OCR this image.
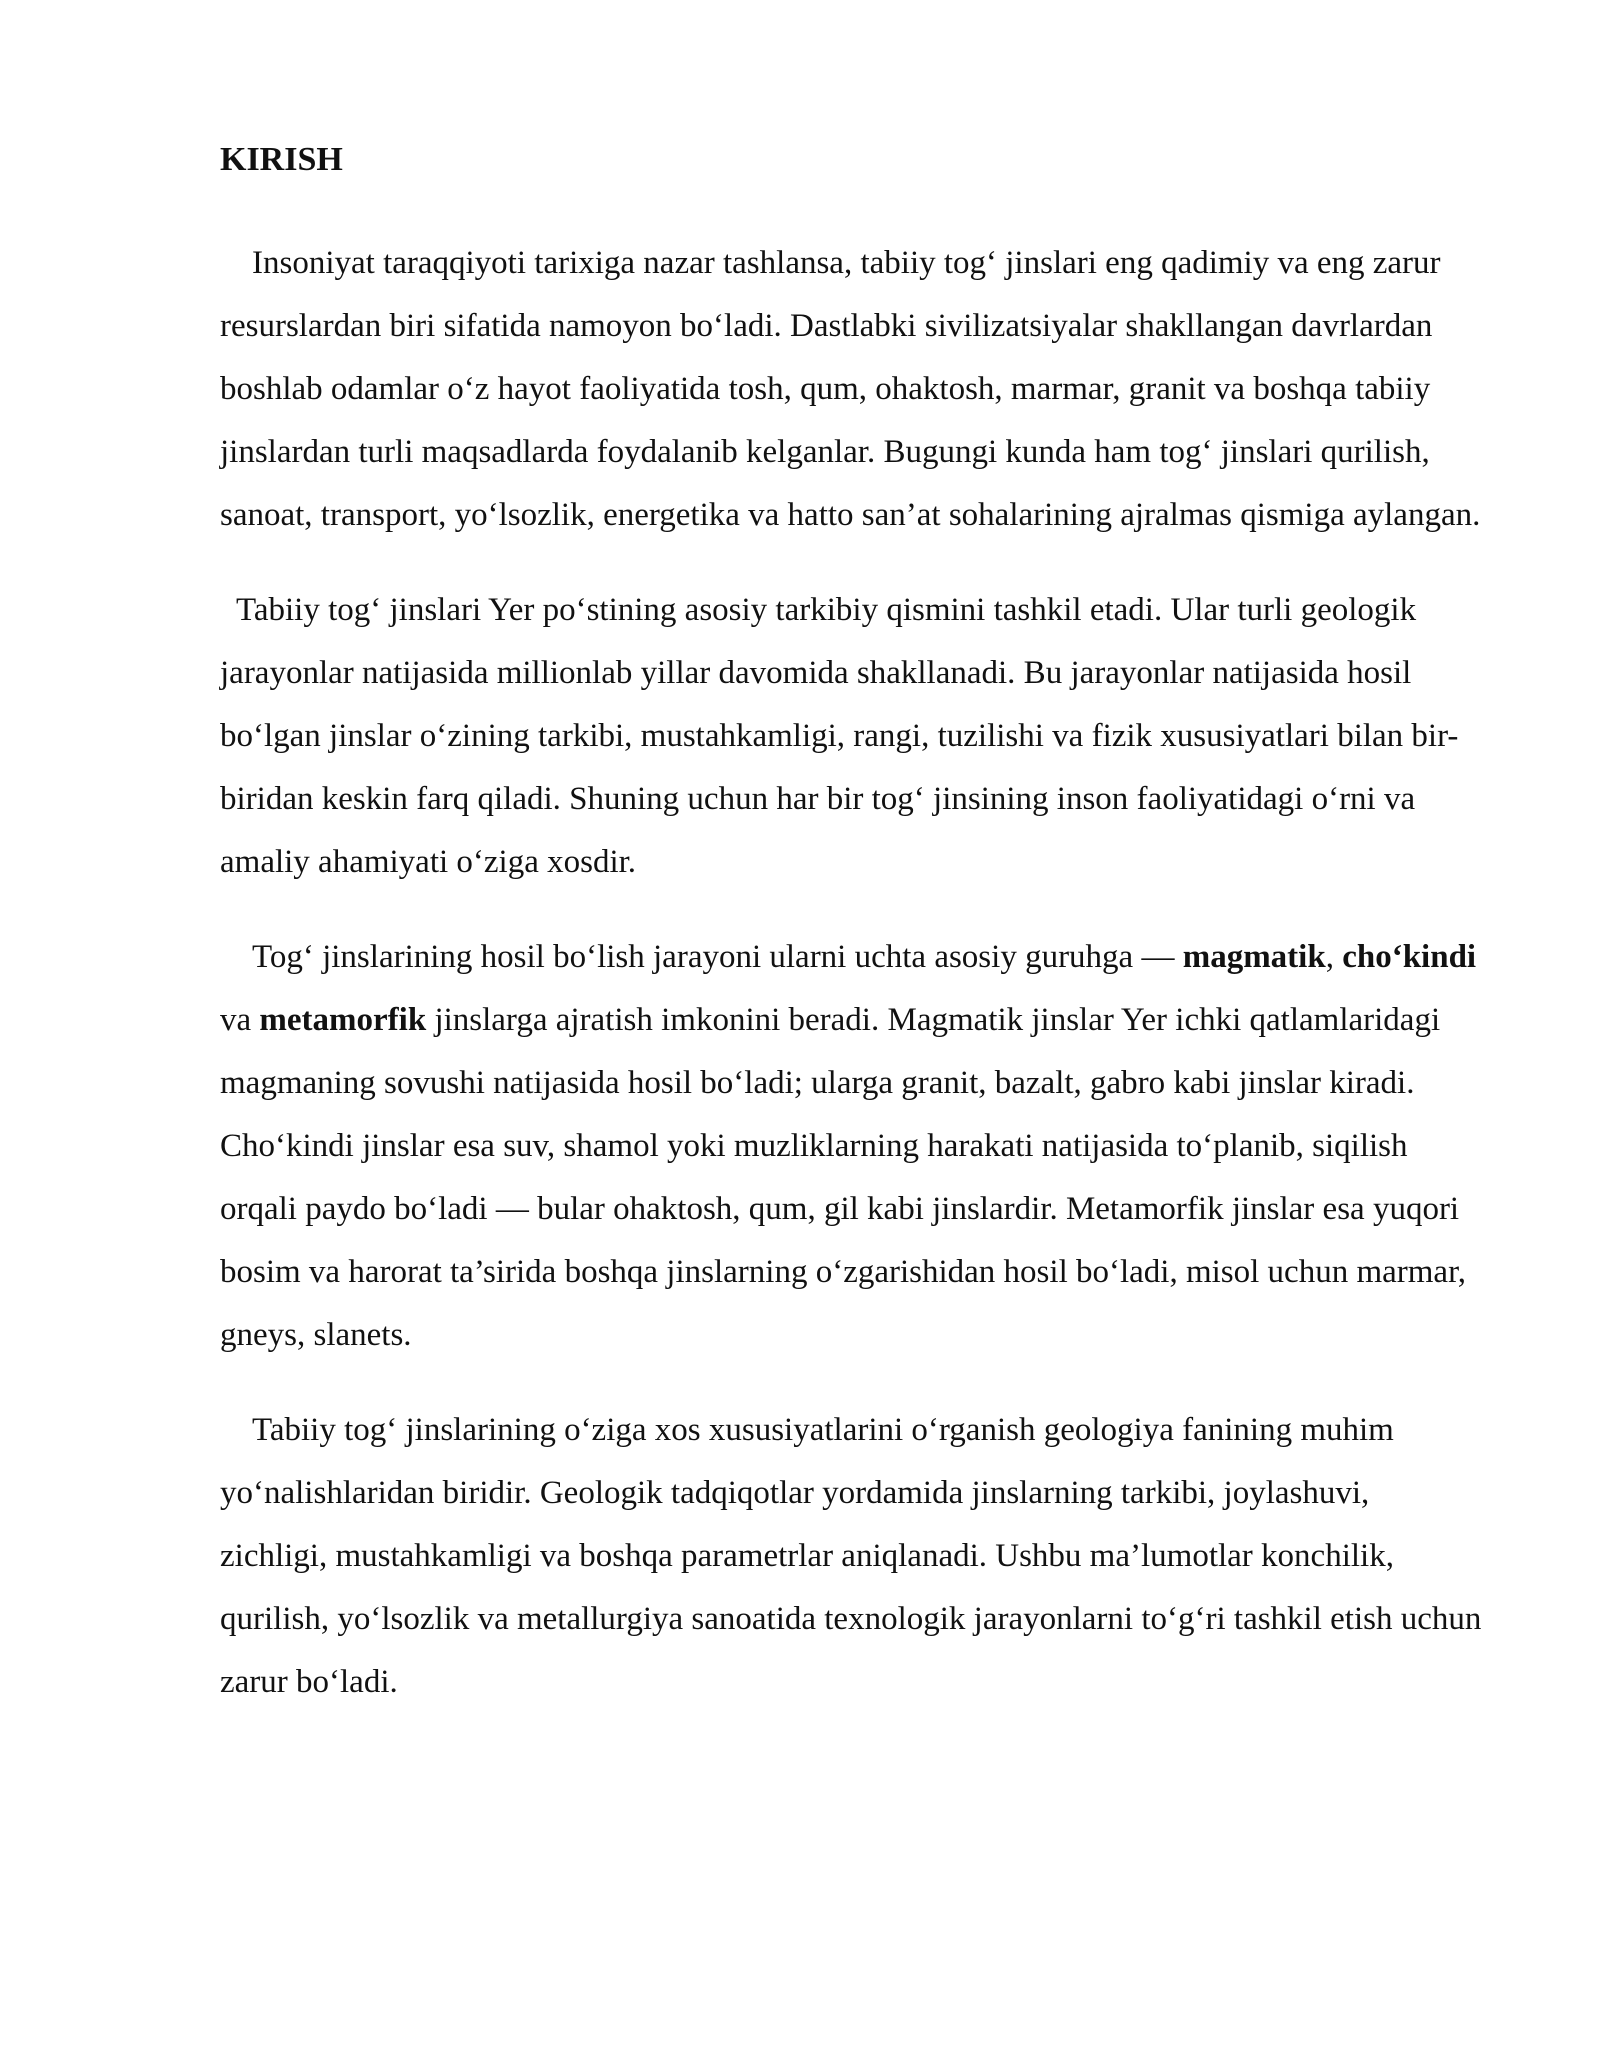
KIRISH

Insoniyat taraqqiyoti tarixiga nazar tashlansa, tabiiy tog‘ jinslari eng qadimiy va eng zarur resurslardan biri sifatida namoyon bo‘ladi. Dastlabki sivilizatsiyalar shakllangan davrlardan boshlab odamlar o‘z hayot faoliyatida tosh, qum, ohaktosh, marmar, granit va boshqa tabiiy jinslardan turli maqsadlarda foydalanib kelganlar. Bugungi kunda ham tog‘ jinslari qurilish, sanoat, transport, yo‘lsozlik, energetika va hatto san’at sohalarining ajralmas qismiga aylangan.

Tabiiy tog‘ jinslari Yer po‘stining asosiy tarkibiy qismini tashkil etadi. Ular turli geologik jarayonlar natijasida millionlab yillar davomida shakllanadi. Bu jarayonlar natijasida hosil bo‘lgan jinslar o‘zining tarkibi, mustahkamligi, rangi, tuzilishi va fizik xususiyatlari bilan bir-biridan keskin farq qiladi. Shuning uchun har bir tog‘ jinsining inson faoliyatidagi o‘rni va amaliy ahamiyati o‘ziga xosdir.

Tog‘ jinslarining hosil bo‘lish jarayoni ularni uchta asosiy guruhga — magmatik, cho‘kindi va metamorfik jinslarga ajratish imkonini beradi. Magmatik jinslar Yer ichki qatlamlaridagi magmaning sovushi natijasida hosil bo‘ladi; ularga granit, bazalt, gabro kabi jinslar kiradi. Cho‘kindi jinslar esa suv, shamol yoki muzliklarning harakati natijasida to‘planib, siqilish orqali paydo bo‘ladi — bular ohaktosh, qum, gil kabi jinslardir. Metamorfik jinslar esa yuqori bosim va harorat ta’sirida boshqa jinslarning o‘zgarishidan hosil bo‘ladi, misol uchun marmar, gneys, slanets.

Tabiiy tog‘ jinslarining o‘ziga xos xususiyatlarini o‘rganish geologiya fanining muhim yo‘nalishlaridan biridir. Geologik tadqiqotlar yordamida jinslarning tarkibi, joylashuvi, zichligi, mustahkamligi va boshqa parametrlar aniqlanadi. Ushbu ma’lumotlar konchilik, qurilish, yo‘lsozlik va metallurgiya sanoatida texnologik jarayonlarni to‘g‘ri tashkil etish uchun zarur bo‘ladi.
